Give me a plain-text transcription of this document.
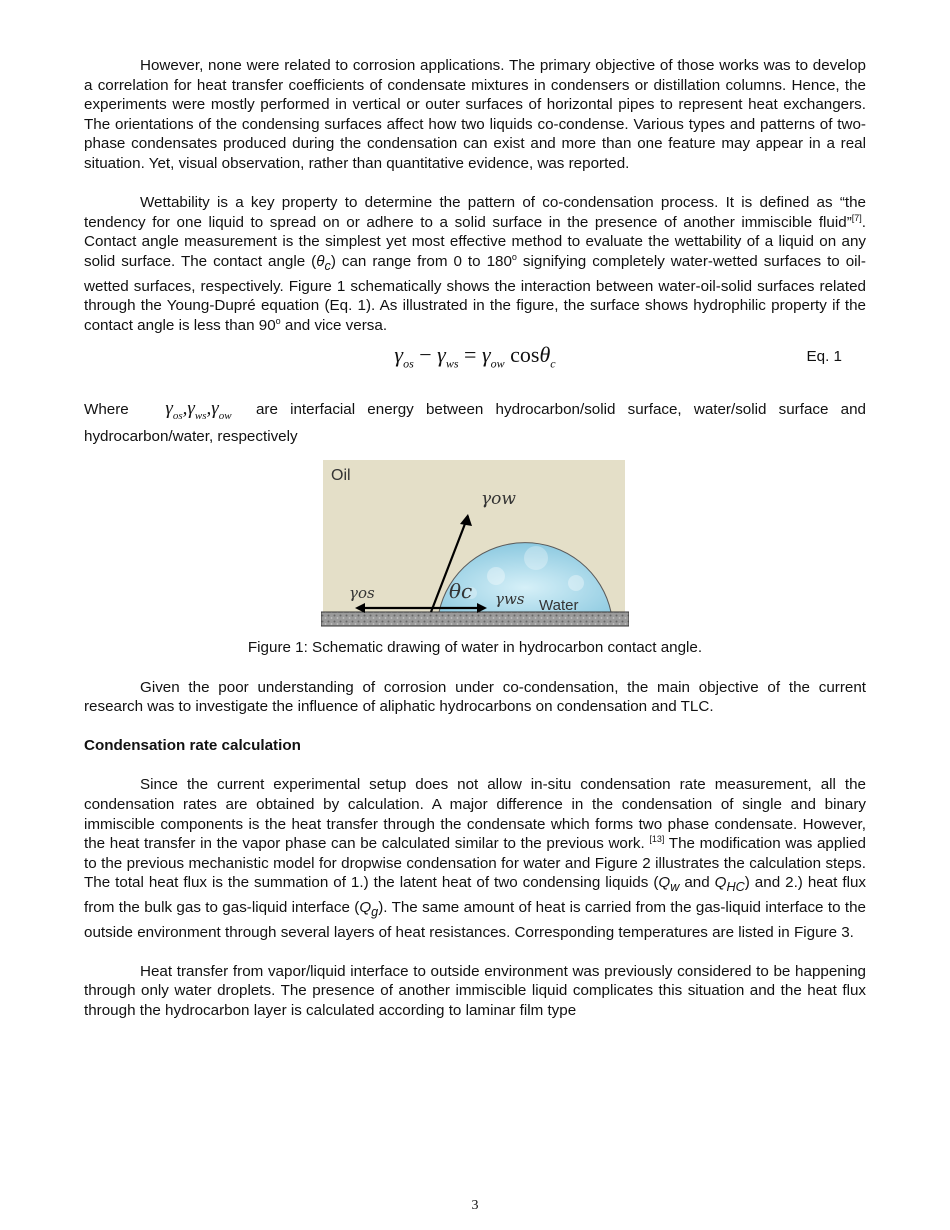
However, none were related to corrosion applications. The primary objective of those works was to develop a correlation for heat transfer coefficients of condensate mixtures in condensers or distillation columns. Hence, the experiments were mostly performed in vertical or outer surfaces of horizontal pipes to represent heat exchangers. The orientations of the condensing surfaces affect how two liquids co-condense. Various types and patterns of two-phase condensates produced during the condensation can exist and more than one feature may appear in a real situation. Yet, visual observation, rather than quantitative evidence, was reported.

Wettability is a key property to determine the pattern of co-condensation process. It is defined as “the tendency for one liquid to spread on or adhere to a solid surface in the presence of another immiscible fluid”[7]. Contact angle measurement is the simplest yet most effective method to evaluate the wettability of a liquid on any solid surface. The contact angle $(\theta_c)$ can range from 0 to 180$^o$ signifying completely water-wetted surfaces to oil-wetted surfaces, respectively. Figure 1 schematically shows the interaction between water-oil-solid surfaces related through the Young-Dupré equation (Eq. 1). As illustrated in the figure, the surface shows hydrophilic property if the contact angle is less than 90$^o$ and vice versa.

$\gamma_{os} - \gamma_{ws} = \gamma_{ow}$ cosθ$_c$	Eq. 1

Where $\gamma_{os},\gamma_{ws},\gamma_{ow}$ are interfacial energy between hydrocarbon/solid surface, water/solid surface and hydrocarbon/water, respectively

Oil
Water
γow
γos	γws
θc

Figure 1: Schematic drawing of water in hydrocarbon contact angle.

Given the poor understanding of corrosion under co-condensation, the main objective of the current research was to investigate the influence of aliphatic hydrocarbons on condensation and TLC.

Condensation rate calculation

Since the current experimental setup does not allow in-situ condensation rate measurement, all the condensation rates are obtained by calculation. A major difference in the condensation of single and binary immiscible components is the heat transfer through the condensate which forms two phase condensate. However, the heat transfer in the vapor phase can be calculated similar to the previous work. [13] The modification was applied to the previous mechanistic model for dropwise condensation for water and Figure 2 illustrates the calculation steps. The total heat flux is the summation of 1.) the latent heat of two condensing liquids ($Q_w$ and $Q_{HC}$) and 2.) heat flux from the bulk gas to gas-liquid interface $(Q_g)$. The same amount of heat is carried from the gas-liquid interface to the outside environment through several layers of heat resistances. Corresponding temperatures are listed in Figure 3.

Heat transfer from vapor/liquid interface to outside environment was previously considered to be happening through only water droplets. The presence of another immiscible liquid complicates this situation and the heat flux through the hydrocarbon layer is calculated according to laminar film type

3
